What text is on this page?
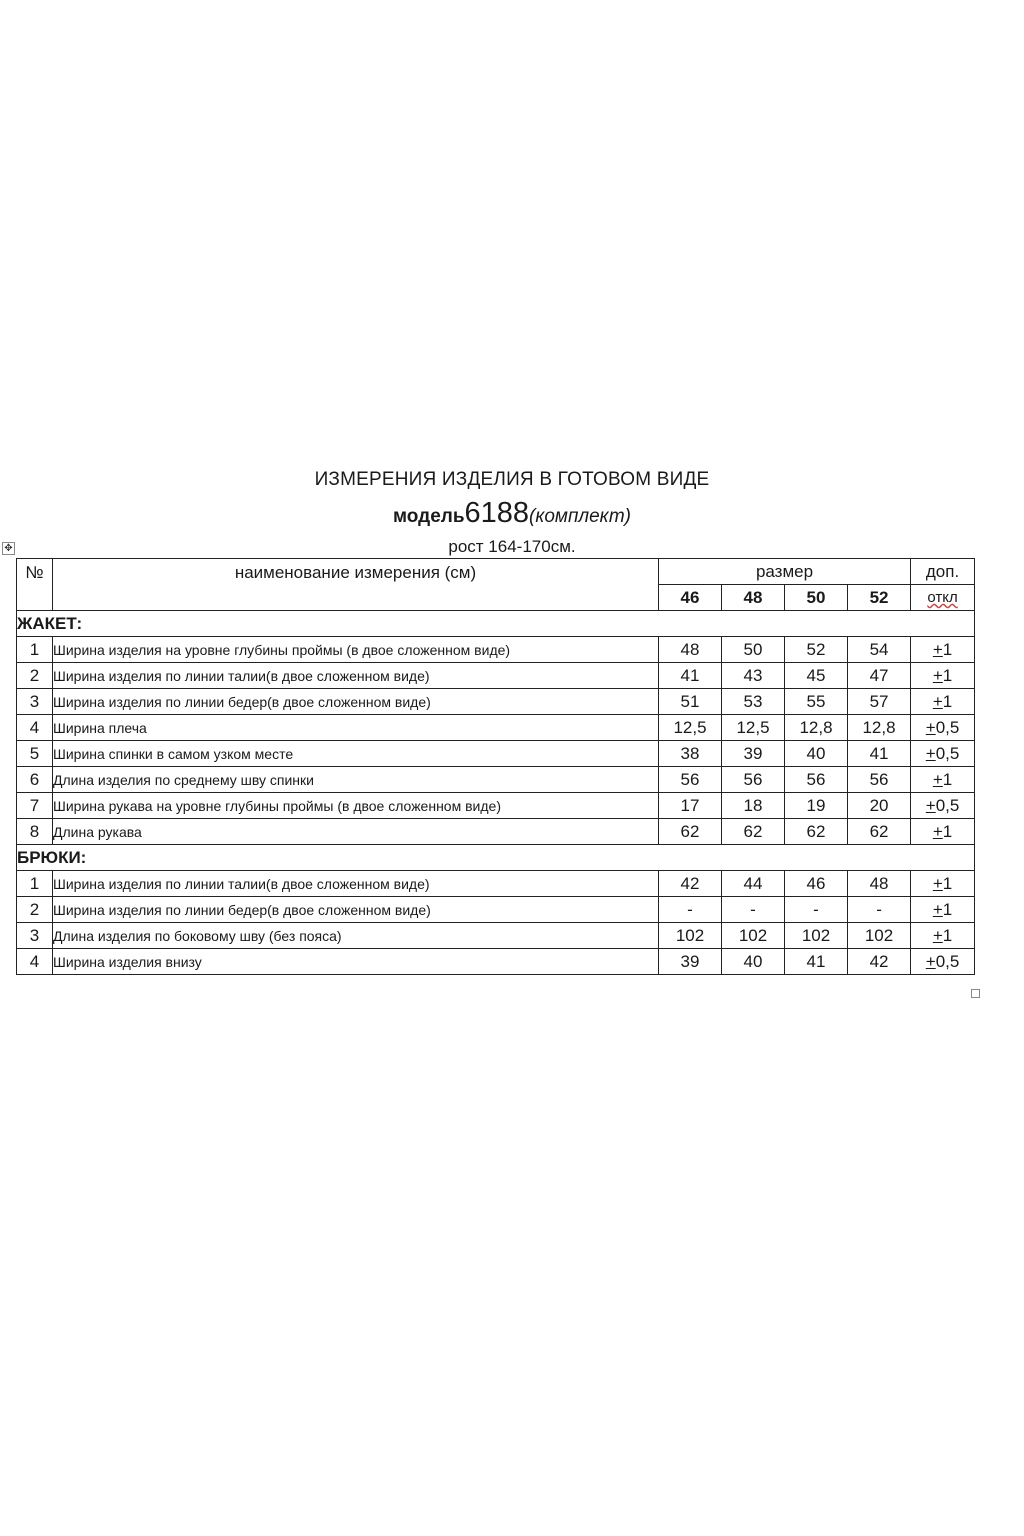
ИЗМЕРЕНИЯ ИЗДЕЛИЯ В ГОТОВОМ ВИДЕ
модель6188(комплект)
рост 164-170см.
✥
№	наименование измерения (см)	размер				доп.
		46	48	50	52	откл
ЖАКЕТ:						
1	Ширина изделия на уровне глубины проймы (в двое сложенном виде)	48	50	52	54	+1
2	Ширина изделия по линии талии(в двое сложенном виде)	41	43	45	47	+1
3	Ширина изделия по линии бедер(в двое сложенном виде)	51	53	55	57	+1
4	Ширина плеча	12,5	12,5	12,8	12,8	+0,5
5	Ширина спинки в самом узком месте	38	39	40	41	+0,5
6	Длина изделия по среднему шву спинки	56	56	56	56	+1
7	Ширина рукава на уровне глубины проймы (в двое сложенном виде)	17	18	19	20	+0,5
8	Длина рукава	62	62	62	62	+1
БРЮКИ:						
1	Ширина изделия по линии талии(в двое сложенном виде)	42	44	46	48	+1
2	Ширина изделия по линии бедер(в двое сложенном виде)	-	-	-	-	+1
3	Длина изделия по боковому шву (без пояса)	102	102	102	102	+1
4	Ширина изделия внизу	39	40	41	42	+0,5
